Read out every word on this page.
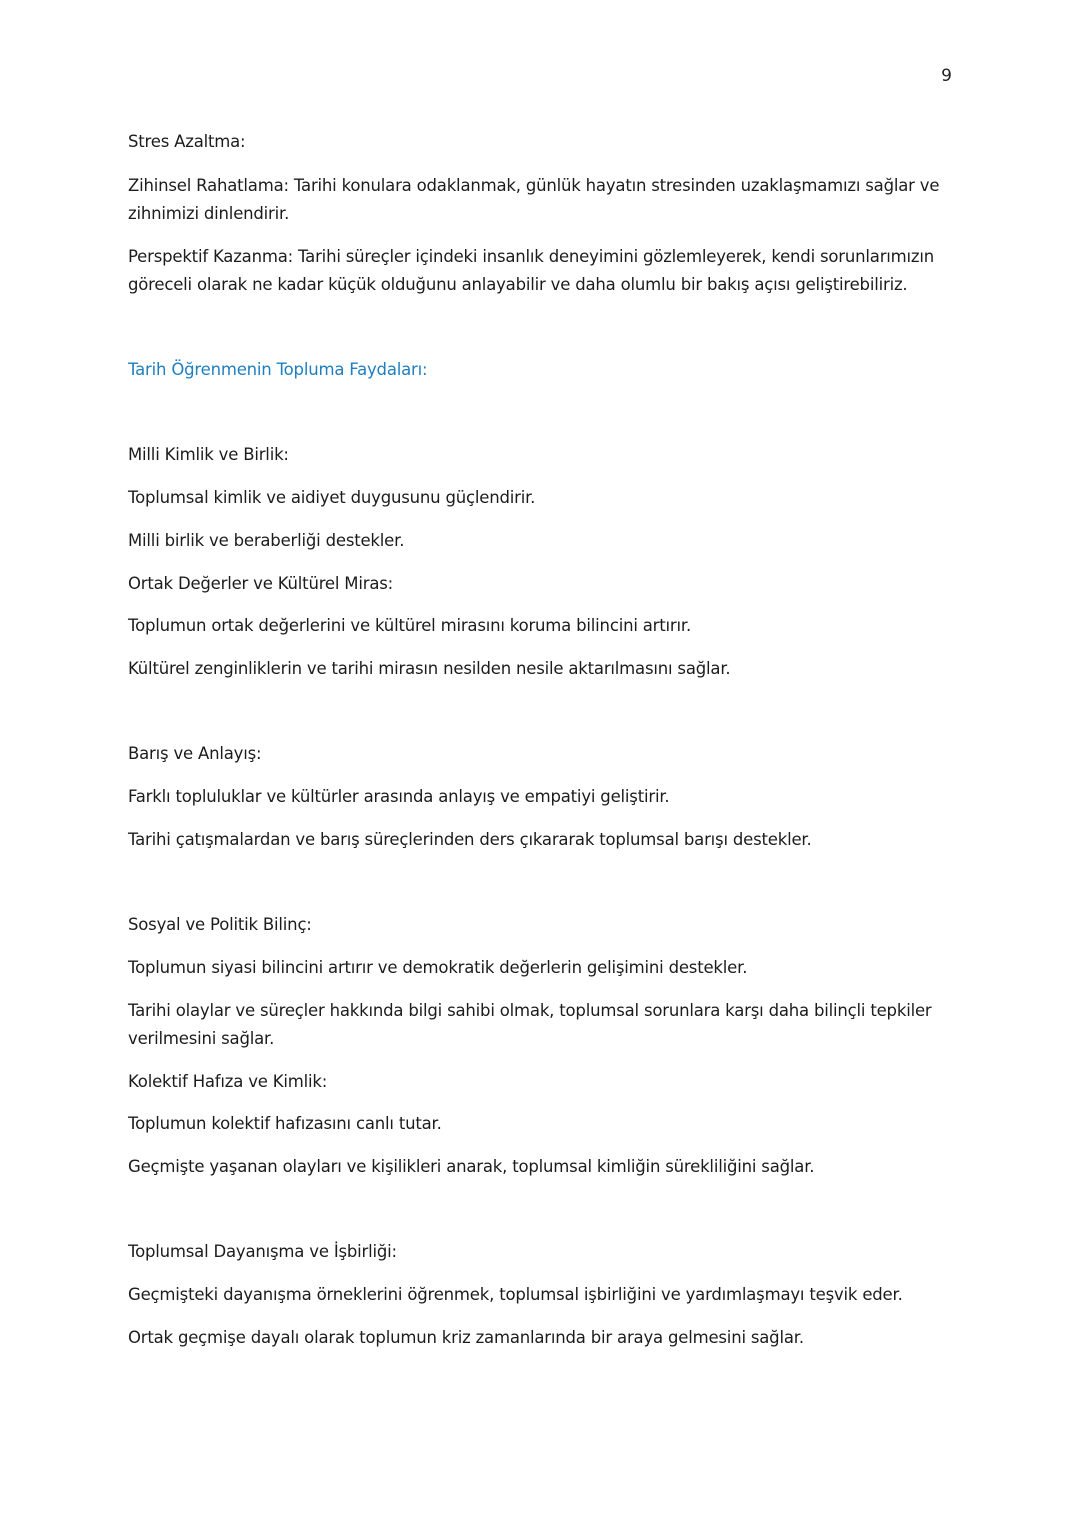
9

Stres Azaltma:

Zihinsel Rahatlama: Tarihi konulara odaklanmak, günlük hayatın stresinden uzaklaşmamızı sağlar ve zihnimizi dinlendirir.

Perspektif Kazanma: Tarihi süreçler içindeki insanlık deneyimini gözlemleyerek, kendi sorunlarımızın göreceli olarak ne kadar küçük olduğunu anlayabilir ve daha olumlu bir bakış açısı geliştirebiliriz.

Tarih Öğrenmenin Topluma Faydaları:

Milli Kimlik ve Birlik:

Toplumsal kimlik ve aidiyet duygusunu güçlendirir.

Milli birlik ve beraberliği destekler.

Ortak Değerler ve Kültürel Miras:

Toplumun ortak değerlerini ve kültürel mirasını koruma bilincini artırır.

Kültürel zenginliklerin ve tarihi mirasın nesilden nesile aktarılmasını sağlar.

Barış ve Anlayış:

Farklı topluluklar ve kültürler arasında anlayış ve empatiyi geliştirir.

Tarihi çatışmalardan ve barış süreçlerinden ders çıkararak toplumsal barışı destekler.

Sosyal ve Politik Bilinç:

Toplumun siyasi bilincini artırır ve demokratik değerlerin gelişimini destekler.

Tarihi olaylar ve süreçler hakkında bilgi sahibi olmak, toplumsal sorunlara karşı daha bilinçli tepkiler verilmesini sağlar.

Kolektif Hafıza ve Kimlik:

Toplumun kolektif hafızasını canlı tutar.

Geçmişte yaşanan olayları ve kişilikleri anarak, toplumsal kimliğin sürekliliğini sağlar.

Toplumsal Dayanışma ve İşbirliği:

Geçmişteki dayanışma örneklerini öğrenmek, toplumsal işbirliğini ve yardımlaşmayı teşvik eder.

Ortak geçmişe dayalı olarak toplumun kriz zamanlarında bir araya gelmesini sağlar.
